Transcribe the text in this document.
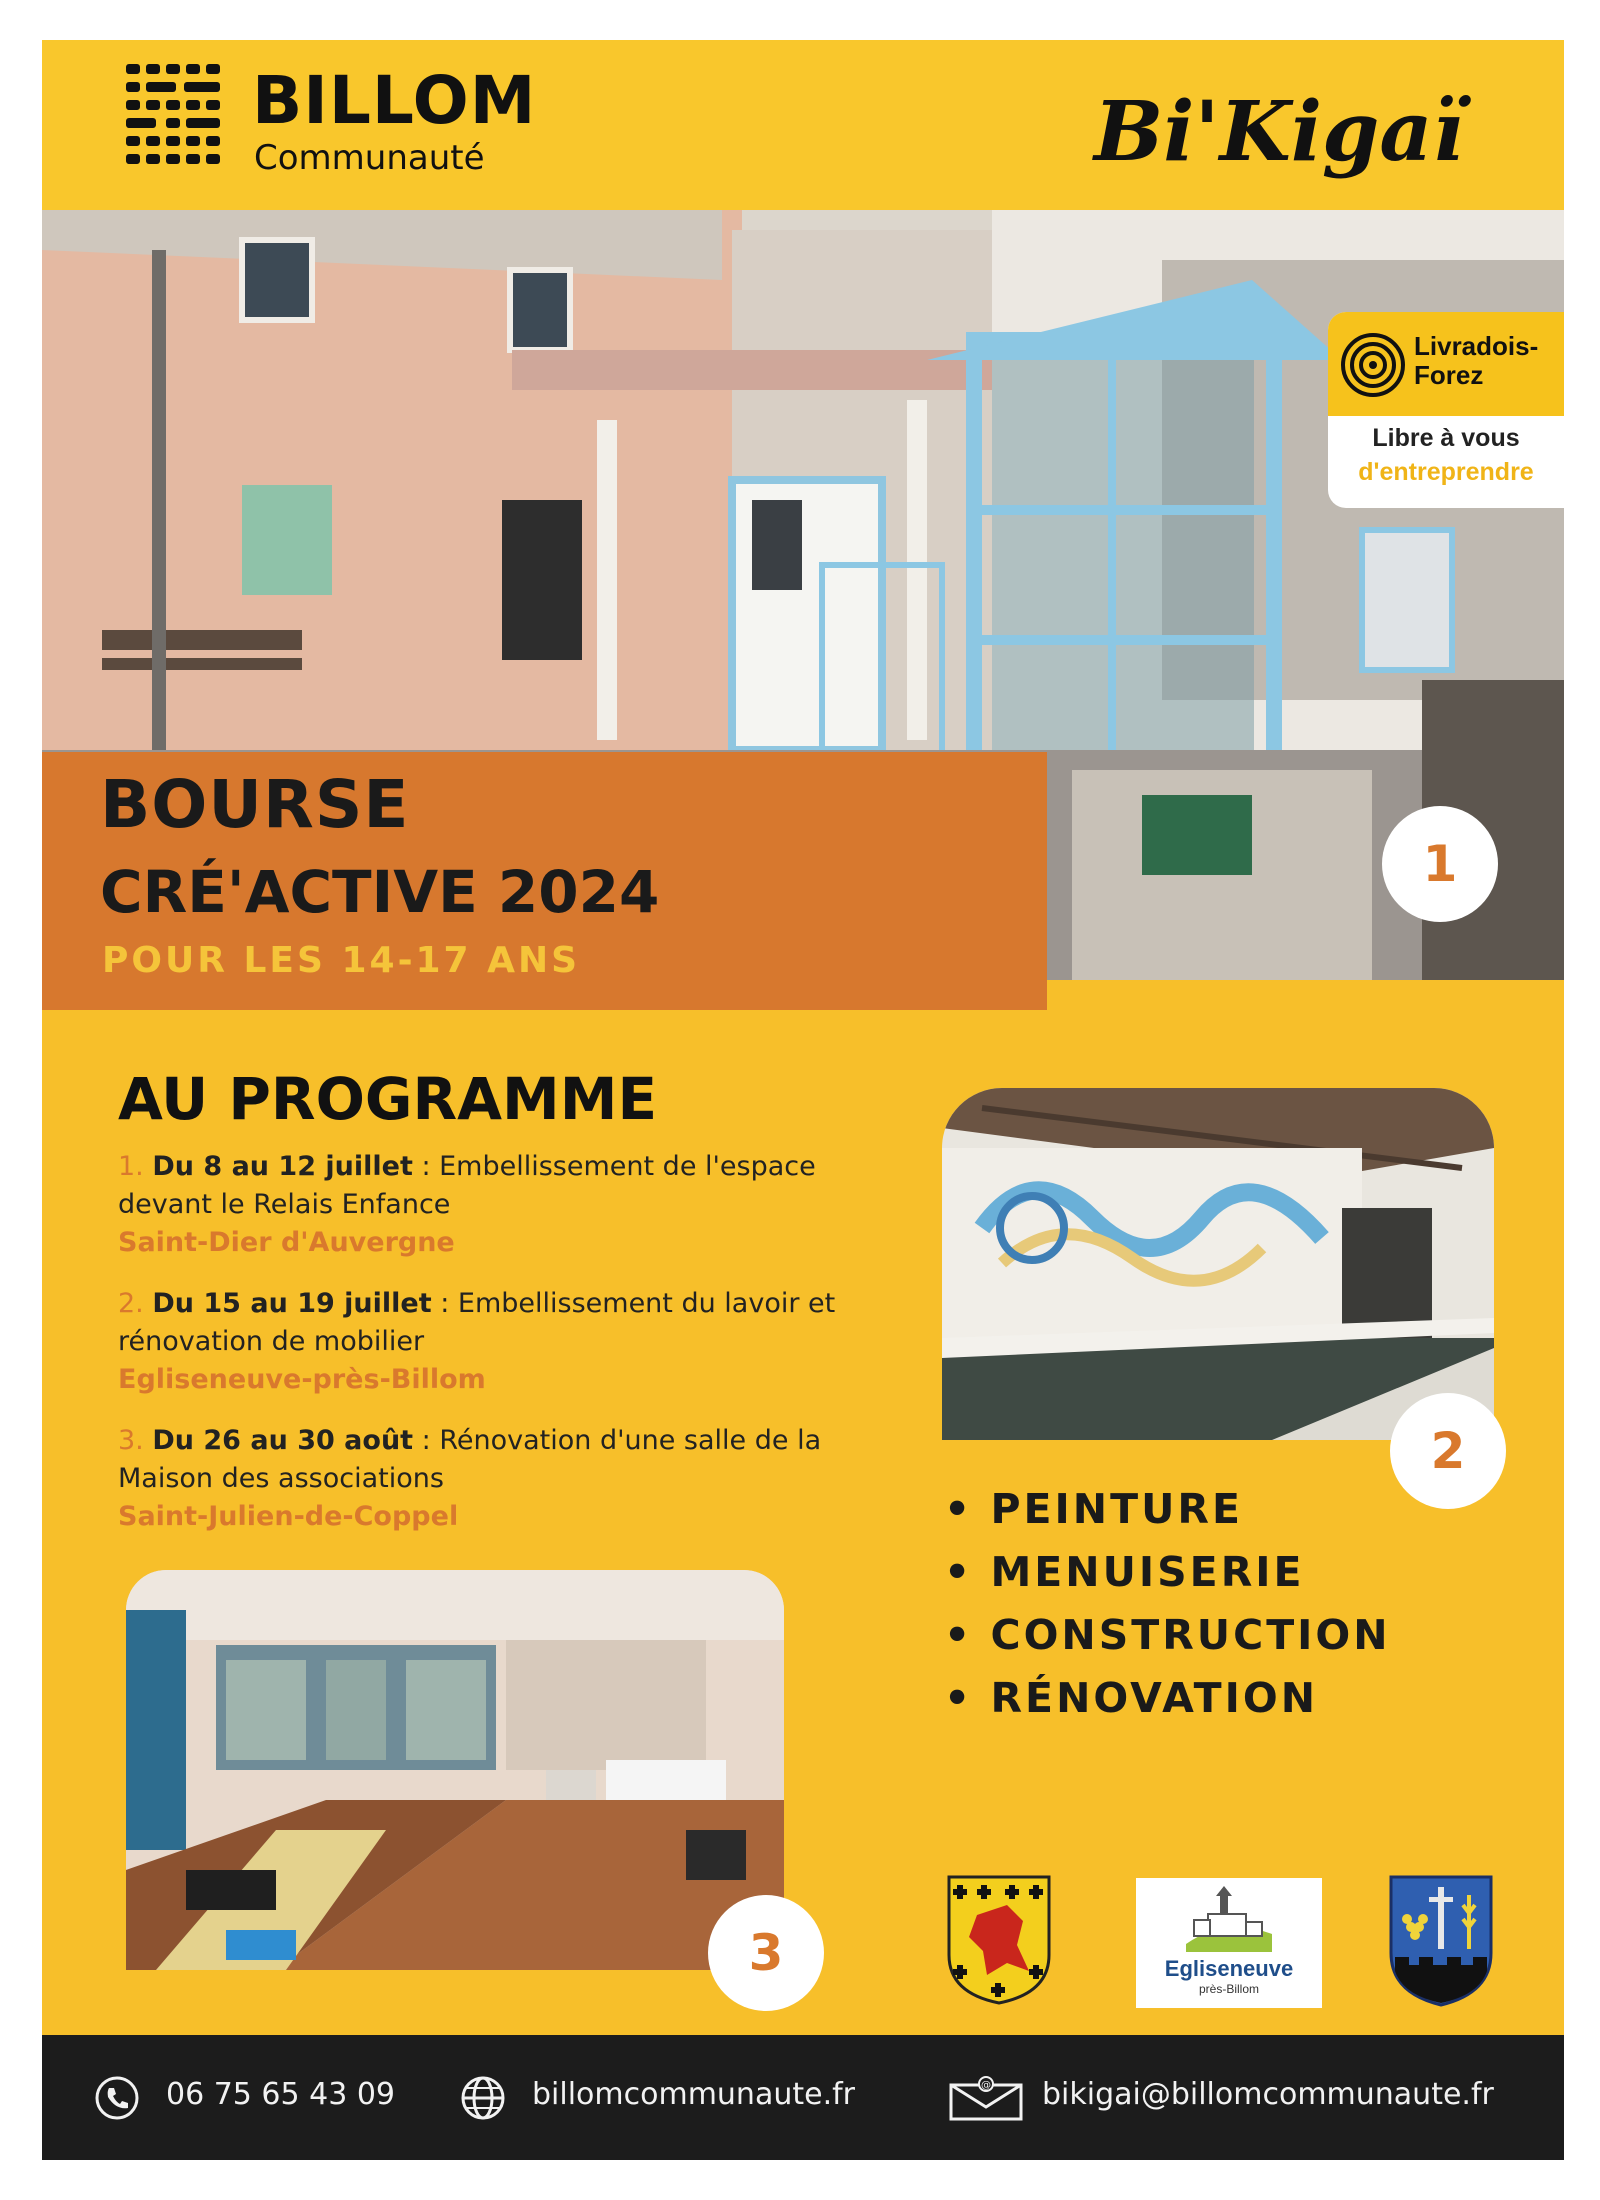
BILLOM
Communauté	Bi'Kigaï
Livradois-
Forez
Libre à vous
d'entreprendre
BOURSE
CRÉ'ACTIVE 2024
POUR LES 14-17 ANS
1
AU PROGRAMME
1. Du 8 au 12 juillet : Embellissement de l'espace devant le Relais Enfance
Saint-Dier d'Auvergne
2. Du 15 au 19 juillet : Embellissement du lavoir et rénovation de mobilier
Egliseneuve-près-Billom
3. Du 26 au 30 août : Rénovation d'une salle de la Maison des associations
Saint-Julien-de-Coppel
2
• PEINTURE
• MENUISERIE
• CONSTRUCTION
• RÉNOVATION
3	Egliseneuve
près-Billom
06 75 65 43 09	billomcommunaute.fr	@ bikigai@billomcommunaute.fr
